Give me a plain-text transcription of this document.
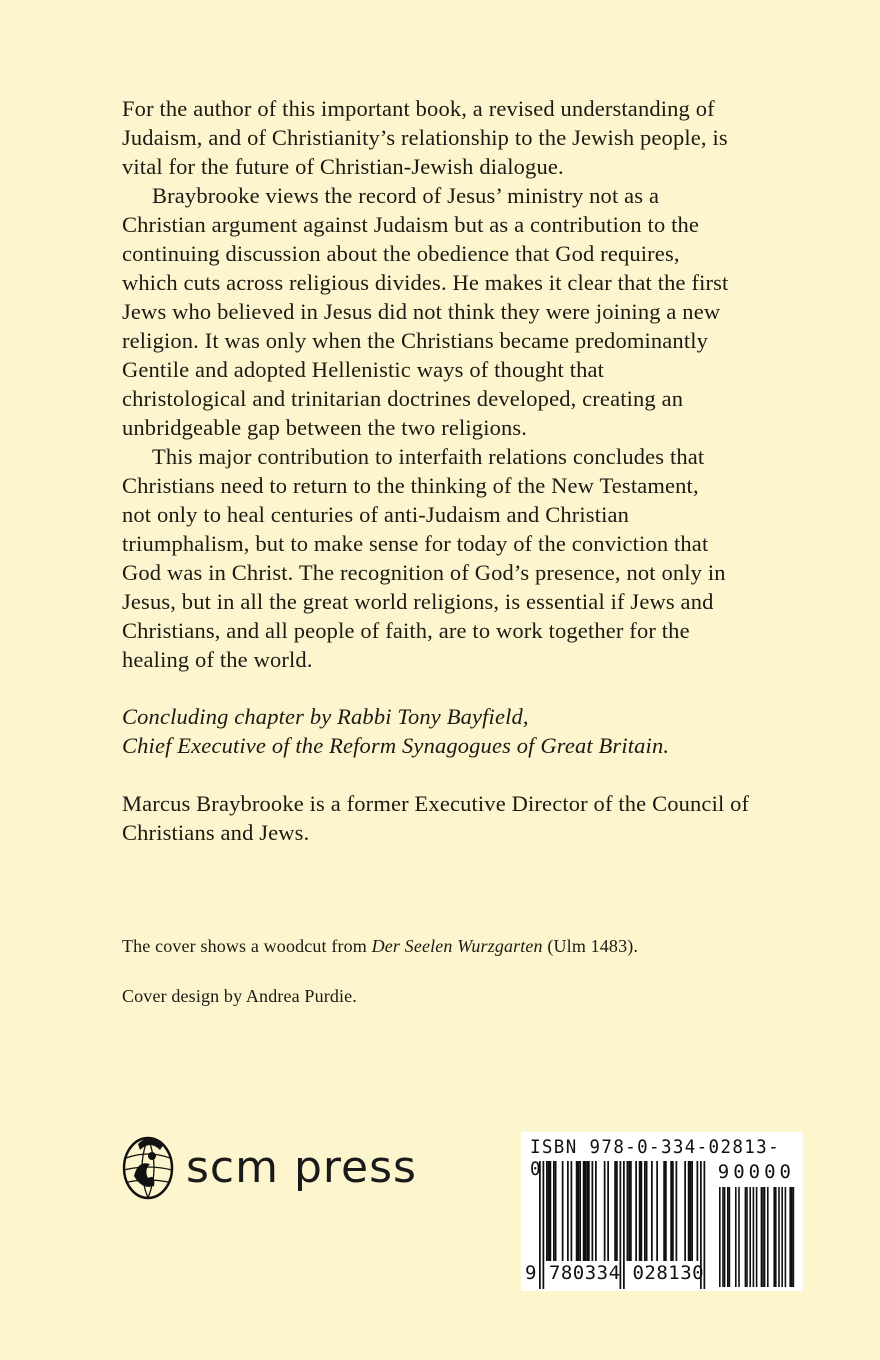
For the author of this important book, a revised understanding of
Judaism, and of Christianity’s relationship to the Jewish people, is
vital for the future of Christian-Jewish dialogue.
Braybrooke views the record of Jesus’ ministry not as a
Christian argument against Judaism but as a contribution to the
continuing discussion about the obedience that God requires,
which cuts across religious divides. He makes it clear that the first
Jews who believed in Jesus did not think they were joining a new
religion. It was only when the Christians became predominantly
Gentile and adopted Hellenistic ways of thought that
christological and trinitarian doctrines developed, creating an
unbridgeable gap between the two religions.
This major contribution to interfaith relations concludes that
Christians need to return to the thinking of the New Testament,
not only to heal centuries of anti-Judaism and Christian
triumphalism, but to make sense for today of the conviction that
God was in Christ. The recognition of God’s presence, not only in
Jesus, but in all the great world religions, is essential if Jews and
Christians, and all people of faith, are to work together for the
healing of the world.
Concluding chapter by Rabbi Tony Bayfield,
Chief Executive of the Reform Synagogues of Great Britain.
Marcus Braybrooke is a former Executive Director of the Council of
Christians and Jews.
The cover shows a woodcut from Der Seelen Wurzgarten (Ulm 1483).
Cover design by Andrea Purdie.
scm press	ISBN 978-0-334-02813-0	90000
9 780334 028130
